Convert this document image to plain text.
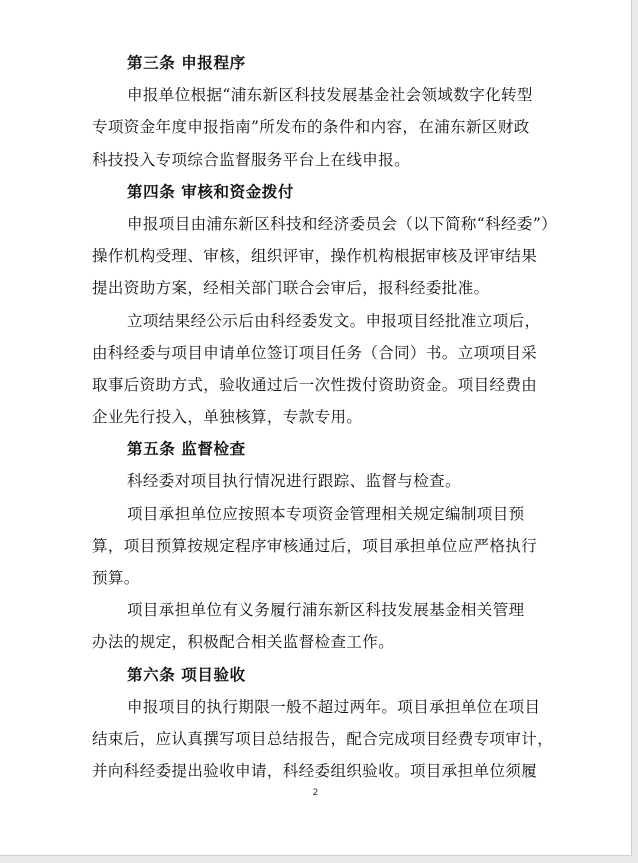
第三条 申报程序
申报单位根据“浦东新区科技发展基金社会领域数字化转型
专项资金年度申报指南”所发布的条件和内容，在浦东新区财政
科技投入专项综合监督服务平台上在线申报。
第四条 审核和资金拨付
申报项目由浦东新区科技和经济委员会（以下简称“科经委”）
操作机构受理、审核，组织评审，操作机构根据审核及评审结果
提出资助方案，经相关部门联合会审后，报科经委批准。
立项结果经公示后由科经委发文。申报项目经批准立项后，
由科经委与项目申请单位签订项目任务（合同）书。立项项目采
取事后资助方式，验收通过后一次性拨付资助资金。项目经费由
企业先行投入，单独核算，专款专用。
第五条 监督检查
科经委对项目执行情况进行跟踪、监督与检查。
项目承担单位应按照本专项资金管理相关规定编制项目预
算，项目预算按规定程序审核通过后，项目承担单位应严格执行
预算。
项目承担单位有义务履行浦东新区科技发展基金相关管理
办法的规定，积极配合相关监督检查工作。
第六条 项目验收
申报项目的执行期限一般不超过两年。项目承担单位在项目
结束后，应认真撰写项目总结报告，配合完成项目经费专项审计，
并向科经委提出验收申请，科经委组织验收。项目承担单位须履
2
